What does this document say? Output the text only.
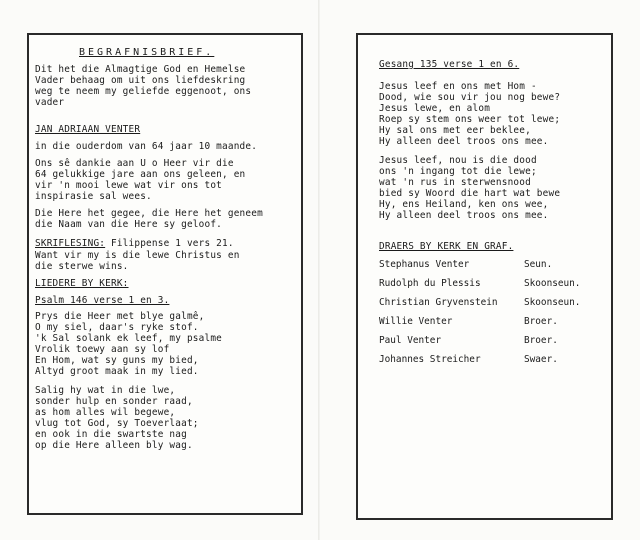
BEGRAFNISBRIEF.
Dit het die Almagtige God en Hemelse
Vader behaag om uit ons liefdeskring
weg te neem my geliefde eggenoot, ons
vader
JAN ADRIAAN VENTER
in die ouderdom van 64 jaar 10 maande.
Ons sê dankie aan U o Heer vir die
64 gelukkige jare aan ons geleen, en
vir 'n mooi lewe wat vir ons tot
inspirasie sal wees.
Die Here het gegee, die Here het geneem
die Naam van die Here sy geloof.
SKRIFLESING: Filippense 1 vers 21.
Want vir my is die lewe Christus en
die sterwe wins.
LIEDERE BY KERK:
Psalm 146 verse 1 en 3.
Prys die Heer met blye galmê,
O my siel, daar's ryke stof.
'k Sal solank ek leef, my psalme
Vrolik toewy aan sy lof
En Hom, wat sy guns my bied,
Altyd groot maak in my lied.
Salig hy wat in die lwe,
sonder hulp en sonder raad,
as hom alles wil begewe,
vlug tot God, sy Toeverlaat;
en ook in die swartste nag
op die Here alleen bly wag.
Gesang 135 verse 1 en 6.
Jesus leef en ons met Hom -
Dood, wie sou vir jou nog bewe?
Jesus lewe, en alom
Roep sy stem ons weer tot lewe;
Hy sal ons met eer beklee,
Hy alleen deel troos ons mee.
Jesus leef, nou is die dood
ons 'n ingang tot die lewe;
wat 'n rus in sterwensnood
bied sy Woord die hart wat bewe
Hy, ens Heiland, ken ons wee,
Hy alleen deel troos ons mee.
DRAERS BY KERK EN GRAF.
Stephanus Venter	Seun.
Rudolph du Plessis	Skoonseun.
Christian Gryvenstein	Skoonseun.
Willie Venter	Broer.
Paul Venter	Broer.
Johannes Streicher	Swaer.
